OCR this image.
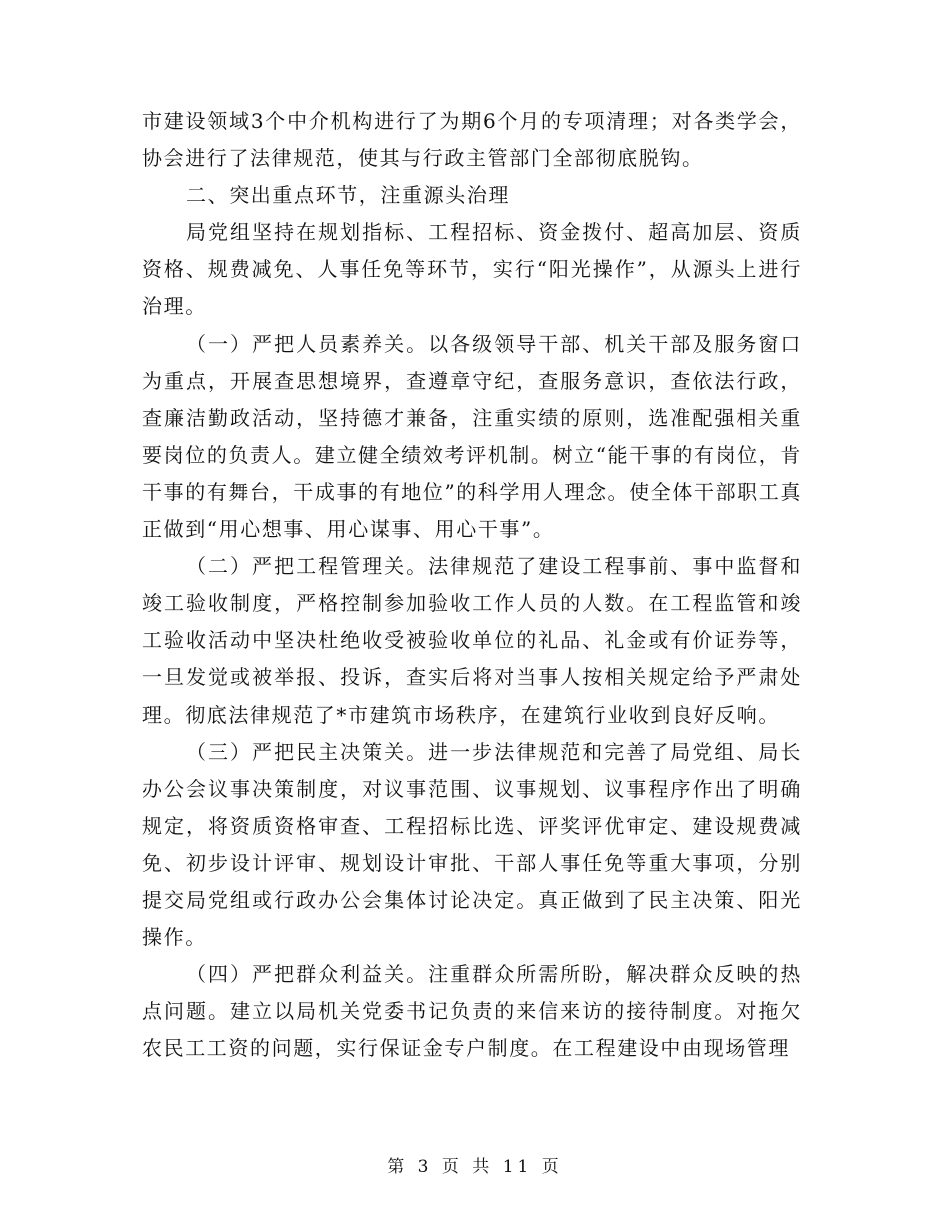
市建设领域3个中介机构进行了为期6个月的专项清理；对各类学会，协会进行了法律规范，使其与行政主管部门全部彻底脱钩。

二、突出重点环节，注重源头治理

局党组坚持在规划指标、工程招标、资金拨付、超高加层、资质资格、规费减免、人事任免等环节，实行“阳光操作”，从源头上进行治理。

（一）严把人员素养关。以各级领导干部、机关干部及服务窗口为重点，开展查思想境界，查遵章守纪，查服务意识，查依法行政，查廉洁勤政活动，坚持德才兼备，注重实绩的原则，选准配强相关重要岗位的负责人。建立健全绩效考评机制。树立“能干事的有岗位，肯干事的有舞台，干成事的有地位”的科学用人理念。使全体干部职工真正做到“用心想事、用心谋事、用心干事”。

（二）严把工程管理关。法律规范了建设工程事前、事中监督和竣工验收制度，严格控制参加验收工作人员的人数。在工程监管和竣工验收活动中坚决杜绝收受被验收单位的礼品、礼金或有价证券等，一旦发觉或被举报、投诉，查实后将对当事人按相关规定给予严肃处理。彻底法律规范了*市建筑市场秩序，在建筑行业收到良好反响。

（三）严把民主决策关。进一步法律规范和完善了局党组、局长办公会议事决策制度，对议事范围、议事规划、议事程序作出了明确规定，将资质资格审查、工程招标比选、评奖评优审定、建设规费减免、初步设计评审、规划设计审批、干部人事任免等重大事项，分别提交局党组或行政办公会集体讨论决定。真正做到了民主决策、阳光操作。

（四）严把群众利益关。注重群众所需所盼，解决群众反映的热点问题。建立以局机关党委书记负责的来信来访的接待制度。对拖欠农民工工资的问题，实行保证金专户制度。在工程建设中由现场管理

第 3 页 共 11 页
